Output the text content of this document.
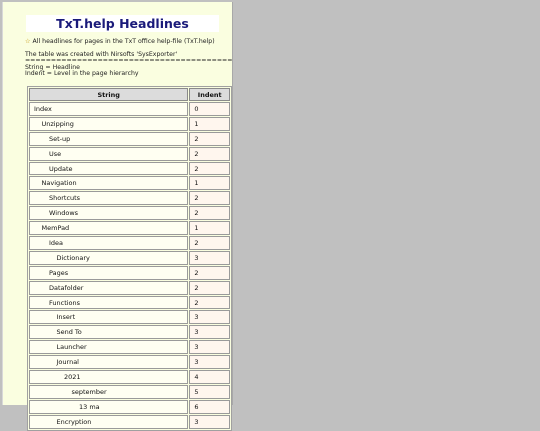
TxT.help Headlines
☆ All headlines for pages in the TxT office help-file (TxT.help)
The table was created with Nirsofts 'SysExporter'
========================================
String = Headline
Indent = Level in the page hierarchy
String	Indent
Index	0
Unzipping	1
Set-up	2
Use	2
Update	2
Navigation	1
Shortcuts	2
Windows	2
MemPad	1
Idea	2
Dictionary	3
Pages	2
Datafolder	2
Functions	2
Insert	3
Send To	3
Launcher	3
Journal	3
2021	4
september	5
13 ma	6
Encryption	3
